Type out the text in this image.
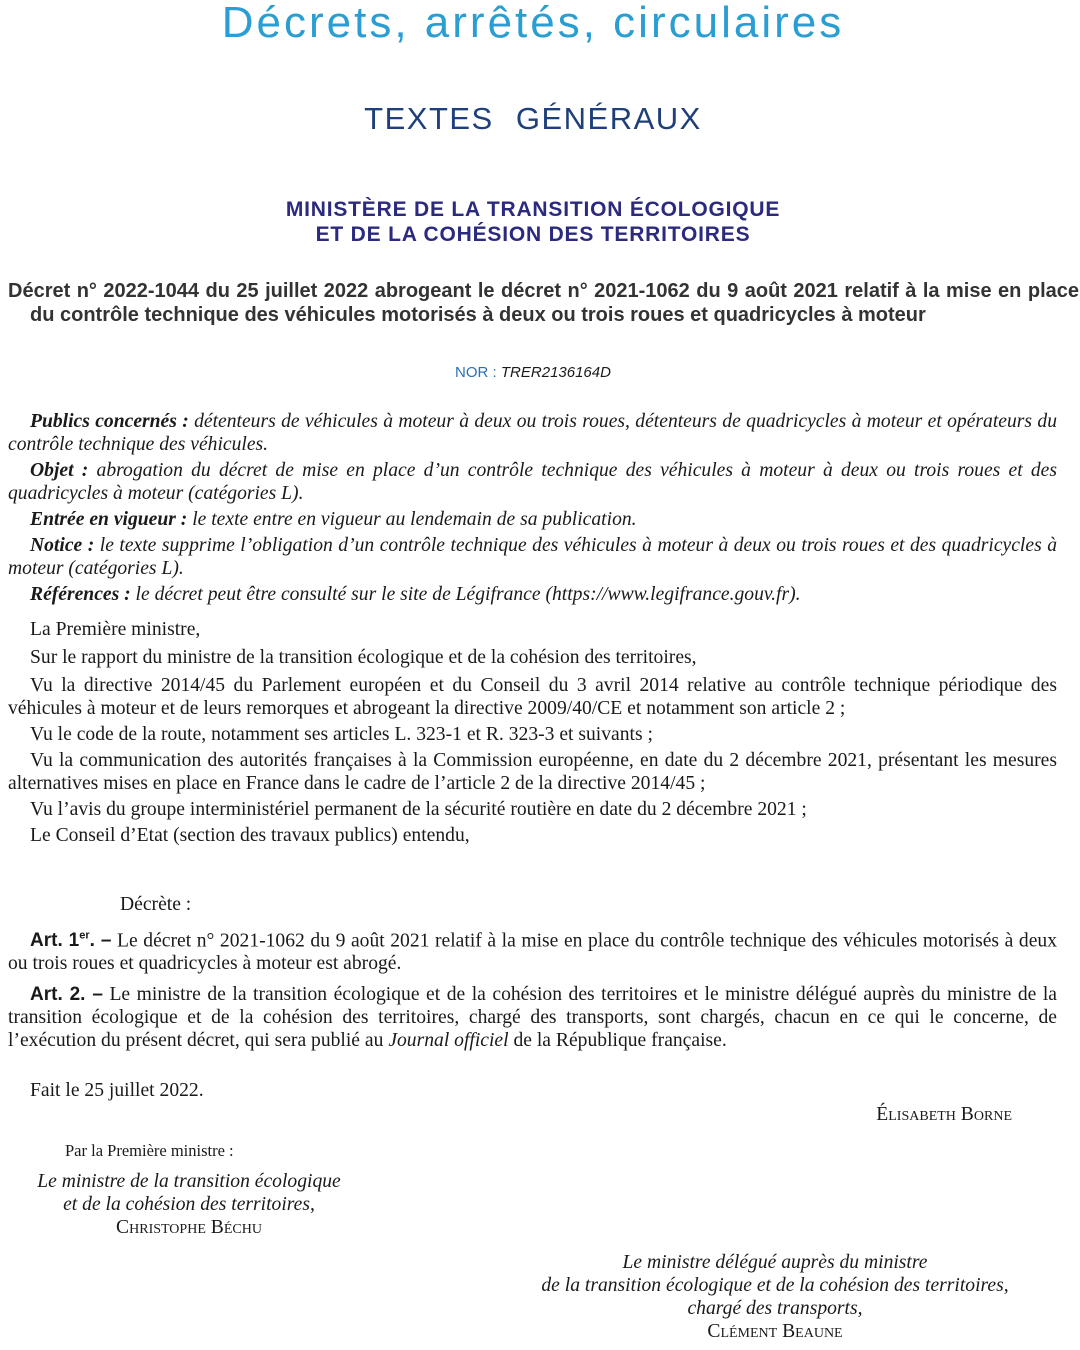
Décrets, arrêtés, circulaires
TEXTES GÉNÉRAUX
MINISTÈRE DE LA TRANSITION ÉCOLOGIQUE
ET DE LA COHÉSION DES TERRITOIRES
Décret n° 2022-1044 du 25 juillet 2022 abrogeant le décret n° 2021-1062 du 9 août 2021 relatif à la mise en place du contrôle technique des véhicules motorisés à deux ou trois roues et quadricycles à moteur
NOR : TRER2136164D

Publics concernés : détenteurs de véhicules à moteur à deux ou trois roues, détenteurs de quadricycles à moteur et opérateurs du contrôle technique des véhicules.

Objet : abrogation du décret de mise en place d’un contrôle technique des véhicules à moteur à deux ou trois roues et des quadricycles à moteur (catégories L).

Entrée en vigueur : le texte entre en vigueur au lendemain de sa publication.

Notice : le texte supprime l’obligation d’un contrôle technique des véhicules à moteur à deux ou trois roues et des quadricycles à moteur (catégories L).

Références : le décret peut être consulté sur le site de Légifrance (https://www.legifrance.gouv.fr).

La Première ministre,

Sur le rapport du ministre de la transition écologique et de la cohésion des territoires,

Vu la directive 2014/45 du Parlement européen et du Conseil du 3 avril 2014 relative au contrôle technique périodique des véhicules à moteur et de leurs remorques et abrogeant la directive 2009/40/CE et notamment son article 2 ;

Vu le code de la route, notamment ses articles L. 323-1 et R. 323-3 et suivants ;

Vu la communication des autorités françaises à la Commission européenne, en date du 2 décembre 2021, présentant les mesures alternatives mises en place en France dans le cadre de l’article 2 de la directive 2014/45 ;

Vu l’avis du groupe interministériel permanent de la sécurité routière en date du 2 décembre 2021 ;

Le Conseil d’Etat (section des travaux publics) entendu,

Décrète :

Art. 1er. – Le décret n° 2021-1062 du 9 août 2021 relatif à la mise en place du contrôle technique des véhicules motorisés à deux ou trois roues et quadricycles à moteur est abrogé.

Art. 2. – Le ministre de la transition écologique et de la cohésion des territoires et le ministre délégué auprès du ministre de la transition écologique et de la cohésion des territoires, chargé des transports, sont chargés, chacun en ce qui le concerne, de l’exécution du présent décret, qui sera publié au Journal officiel de la République française.

Fait le 25 juillet 2022.
Élisabeth Borne
Par la Première ministre :
Le ministre de la transition écologique
et de la cohésion des territoires,
Christophe Béchu
Le ministre délégué auprès du ministre
de la transition écologique et de la cohésion des territoires,
chargé des transports,
Clément Beaune
